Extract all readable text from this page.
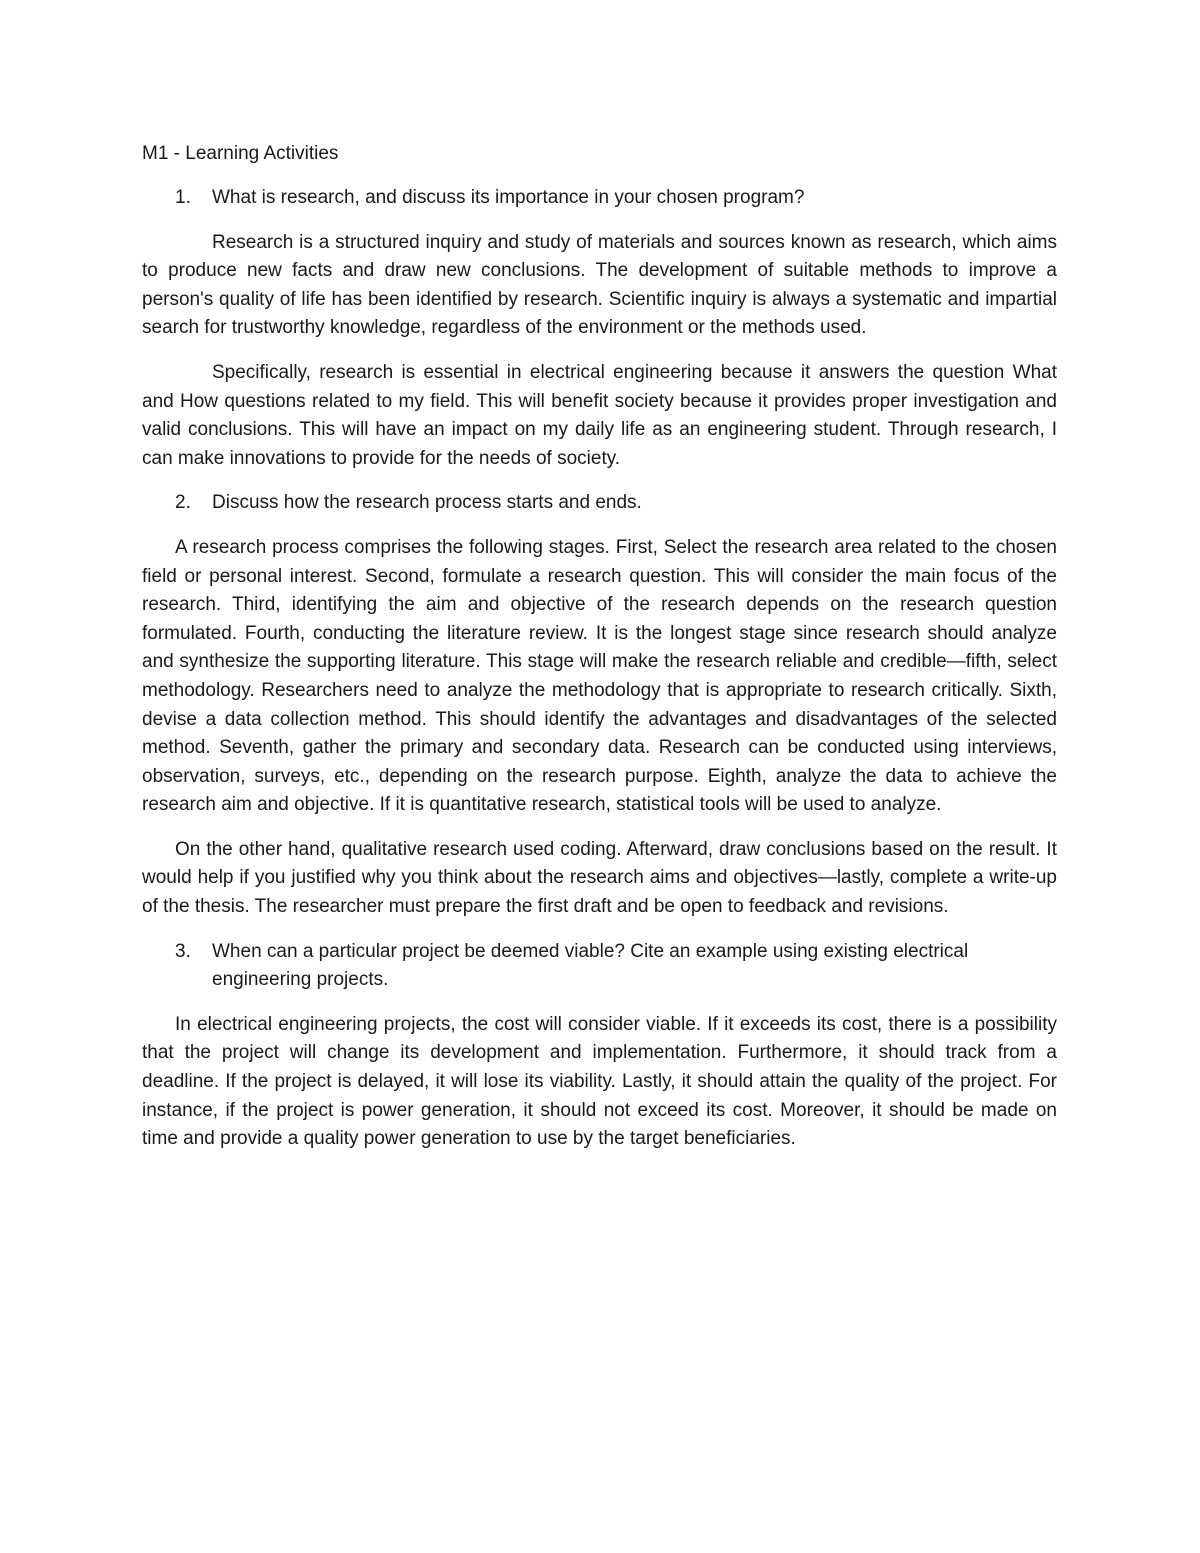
M1 - Learning Activities
1.	What is research, and discuss its importance in your chosen program?

Research is a structured inquiry and study of materials and sources known as research, which aims to produce new facts and draw new conclusions. The development of suitable methods to improve a person's quality of life has been identified by research. Scientific inquiry is always a systematic and impartial search for trustworthy knowledge, regardless of the environment or the methods used.

Specifically, research is essential in electrical engineering because it answers the question What and How questions related to my field. This will benefit society because it provides proper investigation and valid conclusions. This will have an impact on my daily life as an engineering student. Through research, I can make innovations to provide for the needs of society.

2.	Discuss how the research process starts and ends.

A research process comprises the following stages. First, Select the research area related to the chosen field or personal interest. Second, formulate a research question. This will consider the main focus of the research. Third, identifying the aim and objective of the research depends on the research question formulated. Fourth, conducting the literature review. It is the longest stage since research should analyze and synthesize the supporting literature. This stage will make the research reliable and credible—fifth, select methodology. Researchers need to analyze the methodology that is appropriate to research critically. Sixth, devise a data collection method. This should identify the advantages and disadvantages of the selected method. Seventh, gather the primary and secondary data. Research can be conducted using interviews, observation, surveys, etc., depending on the research purpose. Eighth, analyze the data to achieve the research aim and objective. If it is quantitative research, statistical tools will be used to analyze.

On the other hand, qualitative research used coding. Afterward, draw conclusions based on the result. It would help if you justified why you think about the research aims and objectives—lastly, complete a write-up of the thesis. The researcher must prepare the first draft and be open to feedback and revisions.

3.	When can a particular project be deemed viable? Cite an example using existing electrical engineering projects.

In electrical engineering projects, the cost will consider viable. If it exceeds its cost, there is a possibility that the project will change its development and implementation. Furthermore, it should track from a deadline. If the project is delayed, it will lose its viability. Lastly, it should attain the quality of the project. For instance, if the project is power generation, it should not exceed its cost. Moreover, it should be made on time and provide a quality power generation to use by the target beneficiaries.
